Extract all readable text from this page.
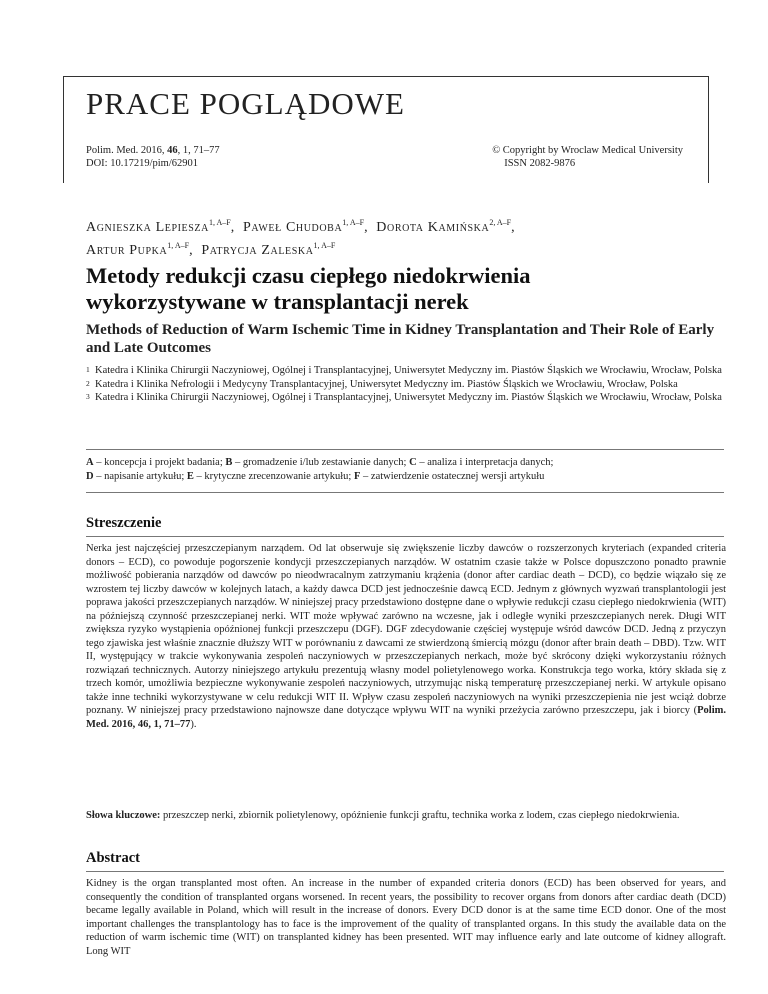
PRACE POGLĄDOWE
Polim. Med. 2016, 46, 1, 71–77
DOI: 10.17219/pim/62901
© Copyright by Wroclaw Medical University
ISSN 2082-9876
Agnieszka Lepiesza$^{1, A-F}$, Paweł Chudoba$^{1, A-F}$, Dorota Kamińska$^{2, A-F}$,
Artur Pupka$^{1, A-F}$, Patrycja Zaleska$^{1, A-F}$
Metody redukcji czasu ciepłego niedokrwienia wykorzystywane w transplantacji nerek
Methods of Reduction of Warm Ischemic Time in Kidney Transplantation and Their Role of Early and Late Outcomes
1 Katedra i Klinika Chirurgii Naczyniowej, Ogólnej i Transplantacyjnej, Uniwersytet Medyczny im. Piastów Śląskich we Wrocławiu, Wrocław, Polska
2 Katedra i Klinika Nefrologii i Medycyny Transplantacyjnej, Uniwersytet Medyczny im. Piastów Śląskich we Wrocławiu, Wrocław, Polska
3 Katedra i Klinika Chirurgii Naczyniowej, Ogólnej i Transplantacyjnej, Uniwersytet Medyczny im. Piastów Śląskich we Wrocławiu, Wrocław, Polska
A – koncepcja i projekt badania; B – gromadzenie i/lub zestawianie danych; C – analiza i interpretacja danych;
D – napisanie artykułu; E – krytyczne zrecenzowanie artykułu; F – zatwierdzenie ostatecznej wersji artykułu
Streszczenie

Nerka jest najczęściej przeszczepianym narządem. Od lat obserwuje się zwiększenie liczby dawców o rozszerzonych kryteriach (expanded criteria donors – ECD), co powoduje pogorszenie kondycji przeszczepianych narządów. W ostatnim czasie także w Polsce dopuszczono ponadto prawnie możliwość pobierania narządów od dawców po nieodwracalnym zatrzymaniu krążenia (donor after cardiac death – DCD), co będzie wiązało się ze wzrostem tej liczby dawców w kolejnych latach, a każdy dawca DCD jest jednocześnie dawcą ECD. Jednym z głównych wyzwań transplantologii jest poprawa jakości przeszczepianych narządów. W niniejszej pracy przedstawiono dostępne dane o wpływie redukcji czasu ciepłego niedokrwienia (WIT) na późniejszą czynność przeszczepianej nerki. WIT może wpływać zarówno na wczesne, jak i odległe wyniki przeszczepianych nerek. Długi WIT zwiększa ryzyko wystąpienia opóźnionej funkcji przeszczepu (DGF). DGF zdecydowanie częściej występuje wśród dawców DCD. Jedną z przyczyn tego zjawiska jest właśnie znacznie dłuższy WIT w porównaniu z dawcami ze stwierdzoną śmiercią mózgu (donor after brain death – DBD). Tzw. WIT II, występujący w trakcie wykonywania zespoleń naczyniowych w przeszczepianych nerkach, może być skrócony dzięki wykorzystaniu różnych rozwiązań technicznych. Autorzy niniejszego artykułu prezentują własny model polietylenowego worka. Konstrukcja tego worka, który składa się z trzech komór, umożliwia bezpieczne wykonywanie zespoleń naczyniowych, utrzymując niską temperaturę przeszczepianej nerki. W artykule opisano także inne techniki wykorzystywane w celu redukcji WIT II. Wpływ czasu zespoleń naczyniowych na wyniki przeszczepienia nie jest wciąż dobrze poznany. W niniejszej pracy przedstawiono najnowsze dane dotyczące wpływu WIT na wyniki przeżycia zarówno przeszczepu, jak i biorcy (Polim. Med. 2016, 46, 1, 71–77).

Słowa kluczowe: przeszczep nerki, zbiornik polietylenowy, opóźnienie funkcji graftu, technika worka z lodem, czas ciepłego niedokrwienia.

Abstract

Kidney is the organ transplanted most often. An increase in the number of expanded criteria donors (ECD) has been observed for years, and consequently the condition of transplanted organs worsened. In recent years, the possibility to recover organs from donors after cardiac death (DCD) became legally available in Poland, which will result in the increase of donors. Every DCD donor is at the same time ECD donor. One of the most important challenges the transplantology has to face is the improvement of the quality of transplanted organs. In this study the available data on the reduction of warm ischemic time (WIT) on transplanted kidney has been presented. WIT may influence early and late outcome of kidney allograft. Long WIT
